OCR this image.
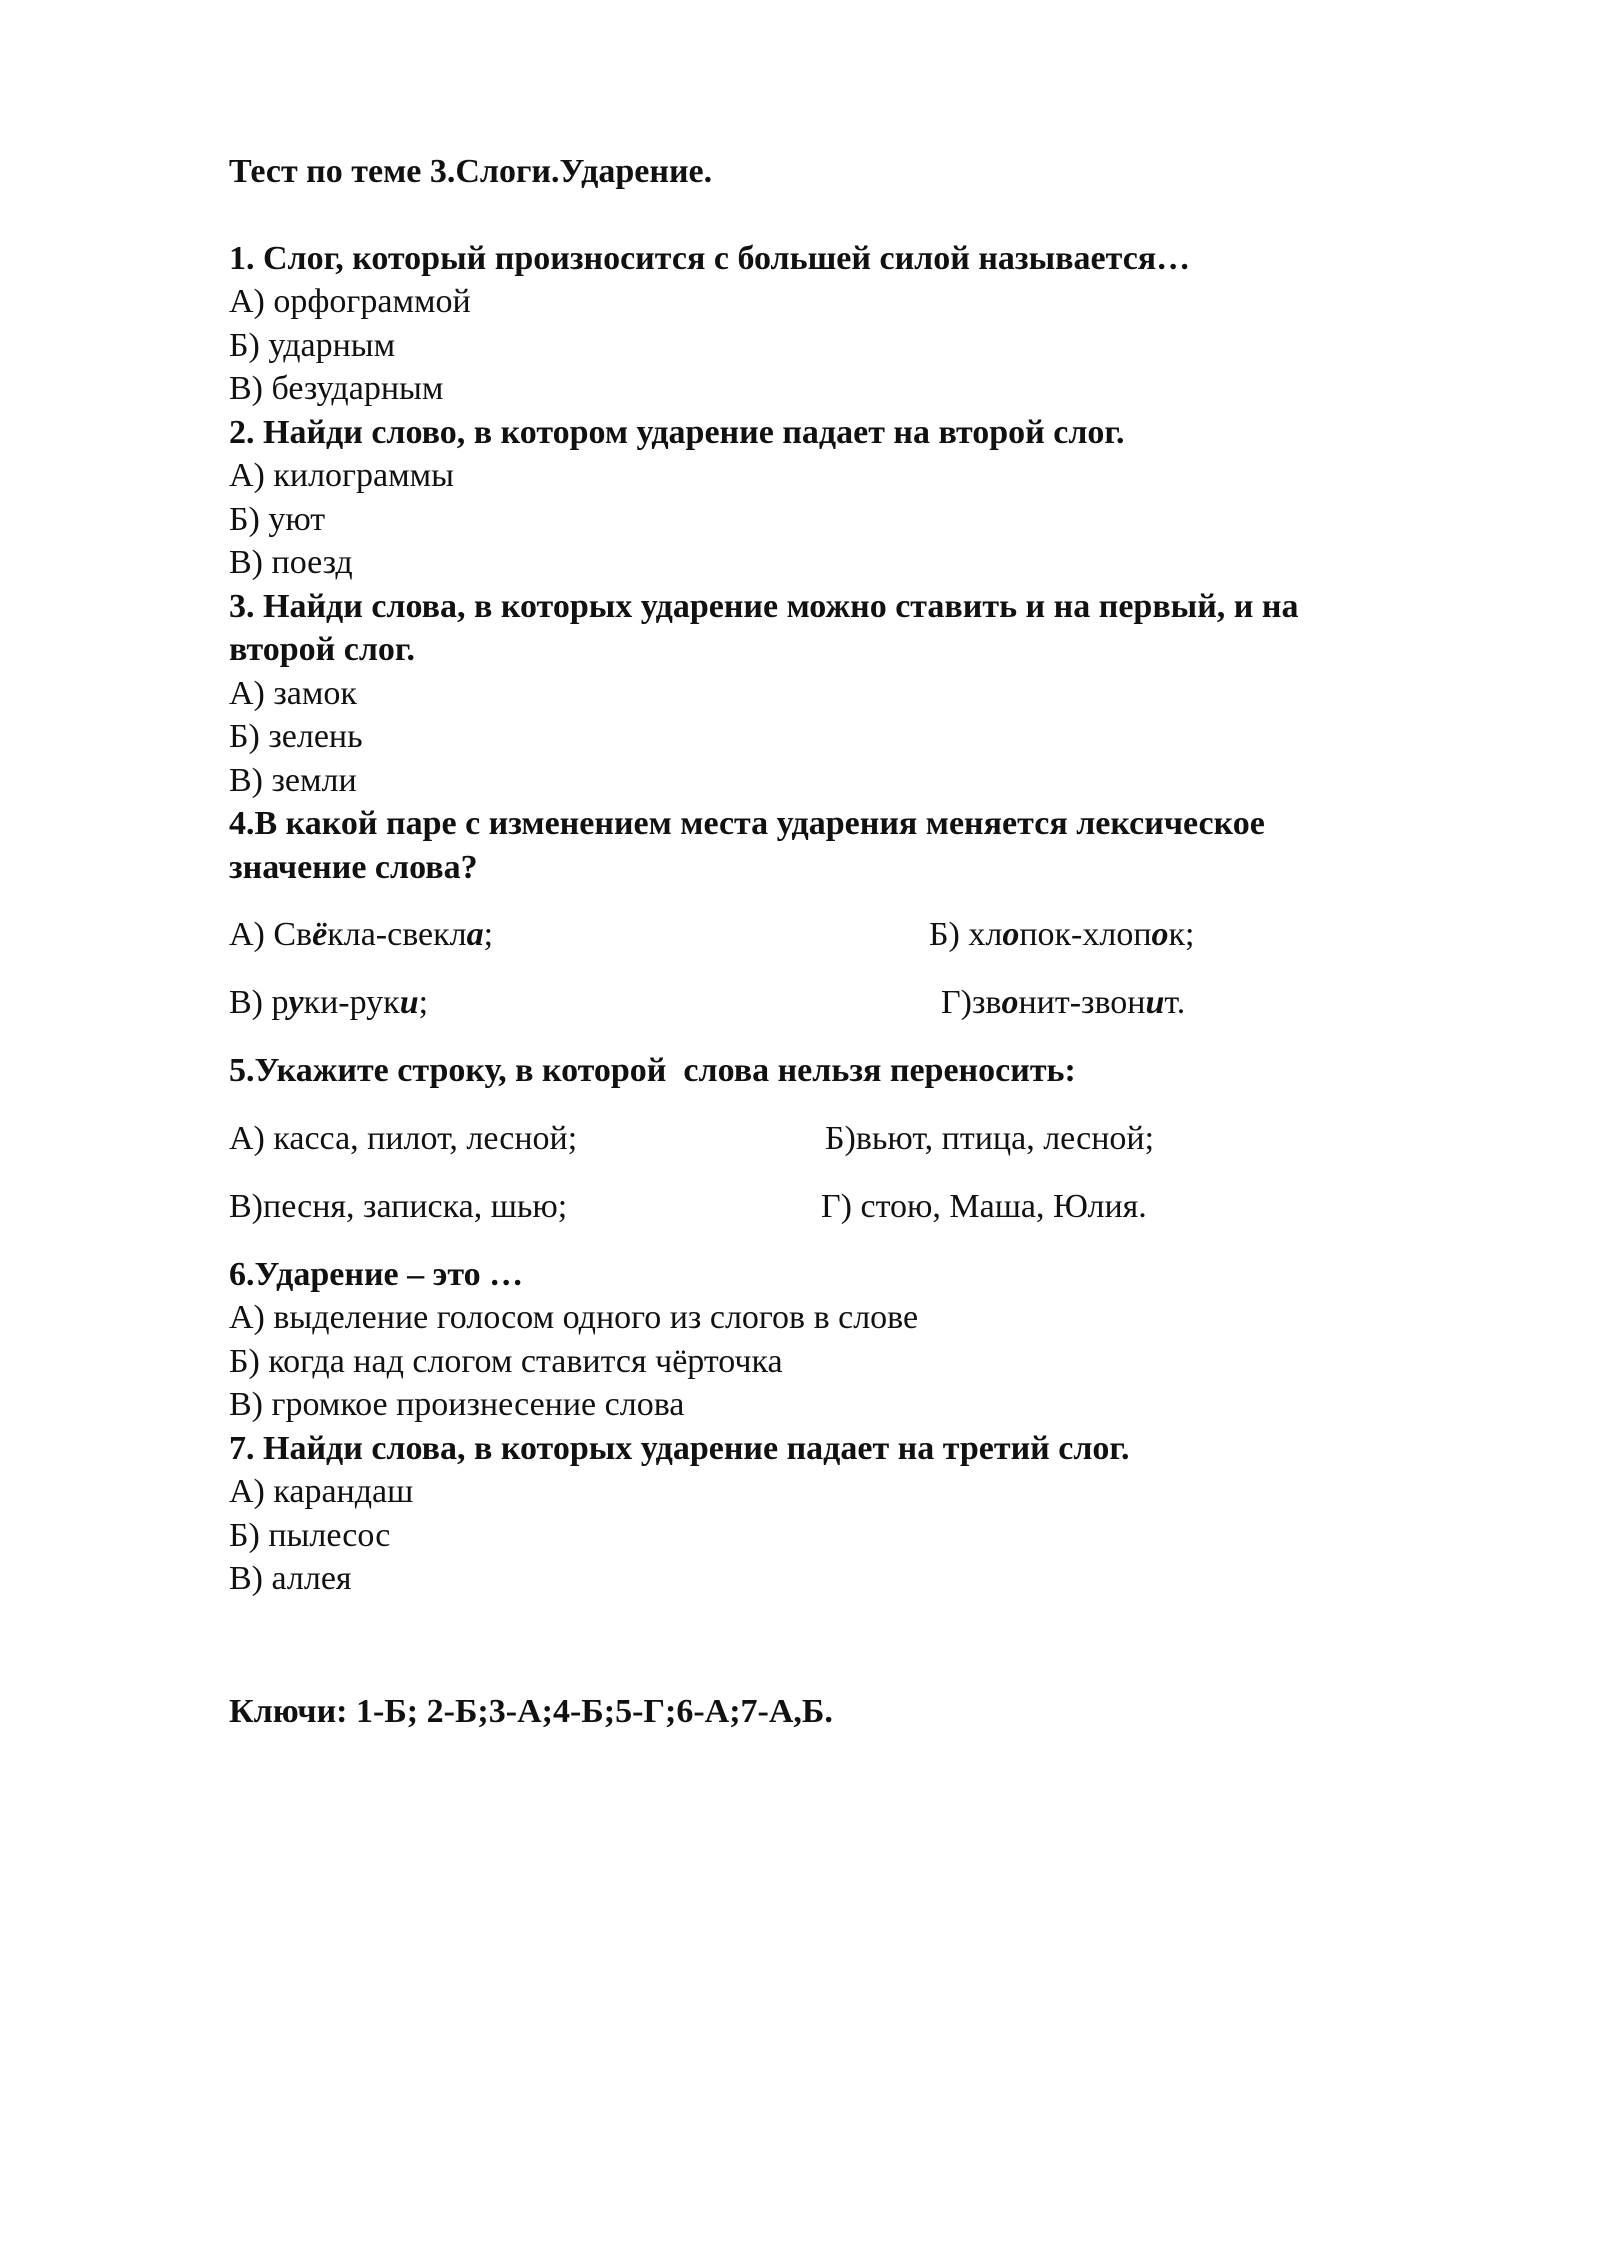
Тест по теме 3.Слоги.Ударение.
1. Слог, который произносится с большей силой называется…
А) орфограммой
Б) ударным
В) безударным
2. Найди слово, в котором ударение падает на второй слог.
А) килограммы
Б) уют
В) поезд
3. Найди слова, в которых ударение можно ставить и на первый, и на
второй слог.
А) замок
Б) зелень
В) земли
4.В какой паре с изменением места ударения меняется лексическое
значение слова?
А) Свёкла-свекла;	Б) хлопок-хлопок;
В) руки-руки;	Г)звонит-звонит.
5.Укажите строку, в которой  слова нельзя переносить:
А) касса, пилот, лесной;	Б)вьют, птица, лесной;
В)песня, записка, шью;	Г) стою, Маша, Юлия.
6.Ударение – это …
А) выделение голосом одного из слогов в слове
Б) когда над слогом ставится чёрточка
В) громкое произнесение слова
7. Найди слова, в которых ударение падает на третий слог.
А) карандаш
Б) пылесос
В) аллея
Ключи: 1-Б; 2-Б;3-А;4-Б;5-Г;6-А;7-А,Б.
